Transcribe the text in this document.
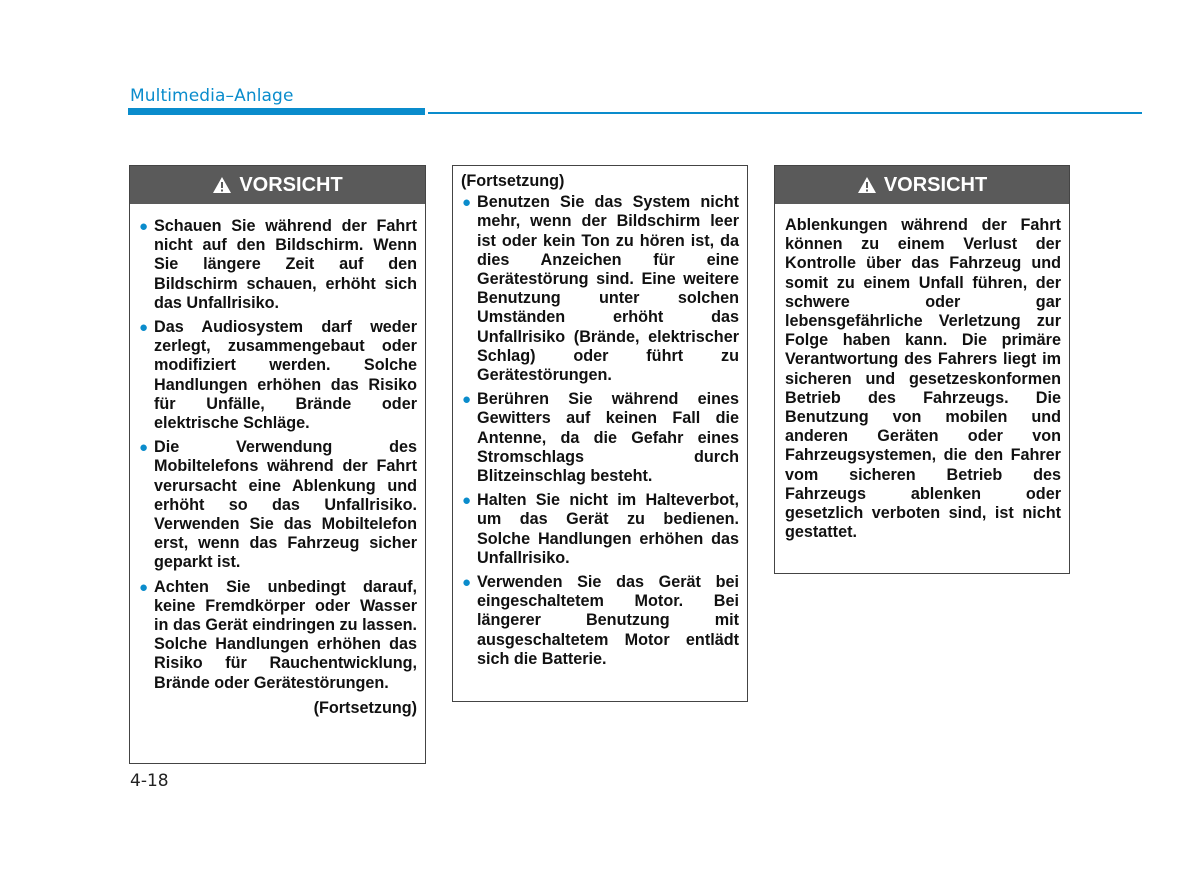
Multimedia–Anlage
VORSICHT
● Schauen Sie während der Fahrt nicht auf den Bildschirm. Wenn Sie längere Zeit auf den Bildschirm schauen, erhöht sich das Unfallrisiko.
● Das Audiosystem darf weder zerlegt, zusammengebaut oder modifiziert werden. Solche Handlungen erhöhen das Risiko für Unfälle, Brände oder elektrische Schläge.
● Die Verwendung des Mobiltelefons während der Fahrt verursacht eine Ablenkung und erhöht so das Unfallrisiko. Verwenden Sie das Mobiltelefon erst, wenn das Fahrzeug sicher geparkt ist.
● Achten Sie unbedingt darauf, keine Fremdkörper oder Wasser in das Gerät eindringen zu lassen. Solche Handlungen erhöhen das Risiko für Rauchentwicklung, Brände oder Gerätestörungen.
(Fortsetzung)
(Fortsetzung)
● Benutzen Sie das System nicht mehr, wenn der Bildschirm leer ist oder kein Ton zu hören ist, da dies Anzeichen für eine Gerätestörung sind. Eine weitere Benutzung unter solchen Umständen erhöht das Unfallrisiko (Brände, elektrischer Schlag) oder führt zu Gerätestörungen.
● Berühren Sie während eines Gewitters auf keinen Fall die Antenne, da die Gefahr eines Stromschlags durch Blitzeinschlag besteht.
● Halten Sie nicht im Halteverbot, um das Gerät zu bedienen. Solche Handlungen erhöhen das Unfallrisiko.
● Verwenden Sie das Gerät bei eingeschaltetem Motor. Bei längerer Benutzung mit ausgeschaltetem Motor entlädt sich die Batterie.
VORSICHT
Ablenkungen während der Fahrt können zu einem Verlust der Kontrolle über das Fahrzeug und somit zu einem Unfall führen, der schwere oder gar lebensgefährliche Verletzung zur Folge haben kann. Die primäre Verantwortung des Fahrers liegt im sicheren und gesetzeskonformen Betrieb des Fahrzeugs. Die Benutzung von mobilen und anderen Geräten oder von Fahrzeugsystemen, die den Fahrer vom sicheren Betrieb des Fahrzeugs ablenken oder gesetzlich verboten sind, ist nicht gestattet.
4-18
